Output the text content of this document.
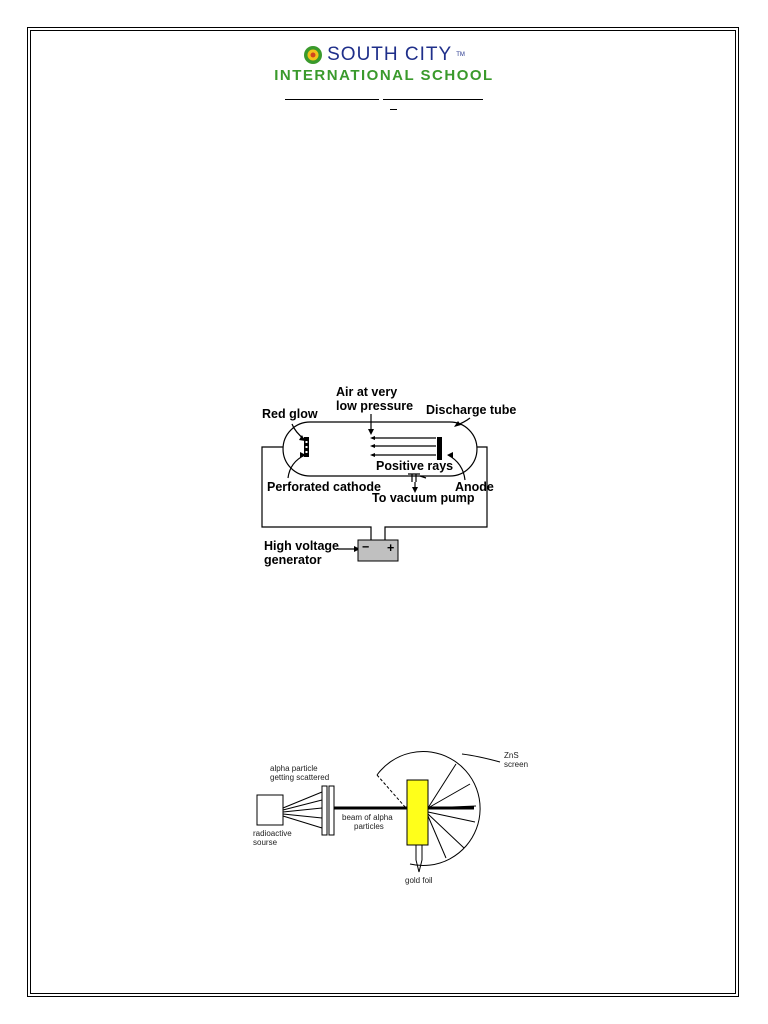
SOUTH CITY TM
INTERNATIONAL SCHOOL
− +
Air at very
low pressure
Red glow	Discharge tube
Positive rays
Perforated cathode	Anode
To vacuum pump
High voltage
generator
alpha particle
getting scattered
ZnS
screen
beam of alpha
particles
radioactive
sourse
gold foil
